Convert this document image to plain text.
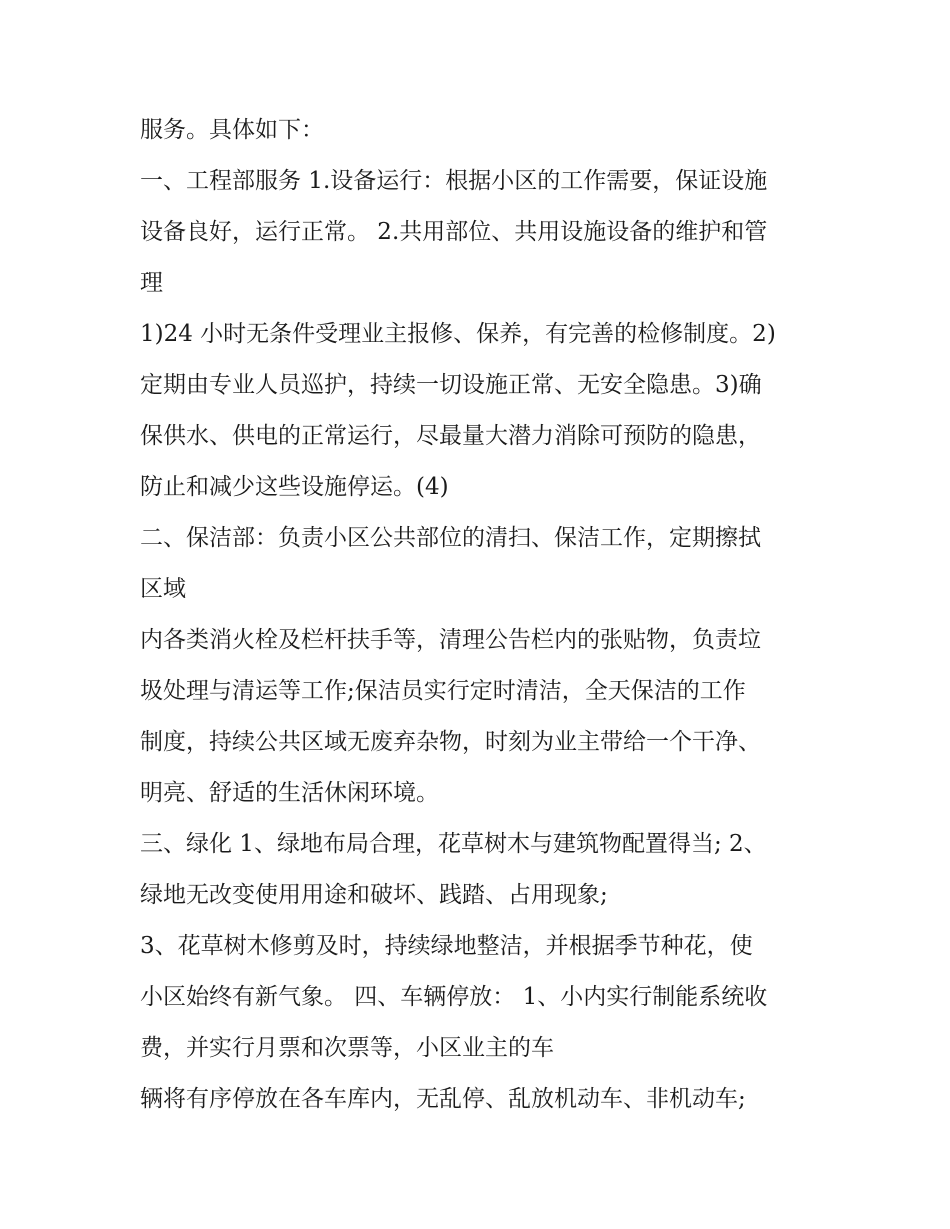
服务。具体如下：
一、工程部服务 1.设备运行：根据小区的工作需要，保证设施
设备良好，运行正常。 2.共用部位、共用设施设备的维护和管
理
1)24 小时无条件受理业主报修、保养，有完善的检修制度。2)
定期由专业人员巡护，持续一切设施正常、无安全隐患。3)确
保供水、供电的正常运行，尽最量大潜力消除可预防的隐患，
防止和减少这些设施停运。(4)
二、保洁部：负责小区公共部位的清扫、保洁工作，定期擦拭
区域
内各类消火栓及栏杆扶手等，清理公告栏内的张贴物，负责垃
圾处理与清运等工作;保洁员实行定时清洁，全天保洁的工作
制度，持续公共区域无废弃杂物，时刻为业主带给一个干净、
明亮、舒适的生活休闲环境。
三、绿化 1、绿地布局合理，花草树木与建筑物配置得当; 2、
绿地无改变使用用途和破坏、践踏、占用现象;
3、花草树木修剪及时，持续绿地整洁，并根据季节种花，使
小区始终有新气象。 四、车辆停放： 1、小内实行制能系统收
费，并实行月票和次票等，小区业主的车
辆将有序停放在各车库内，无乱停、乱放机动车、非机动车;
